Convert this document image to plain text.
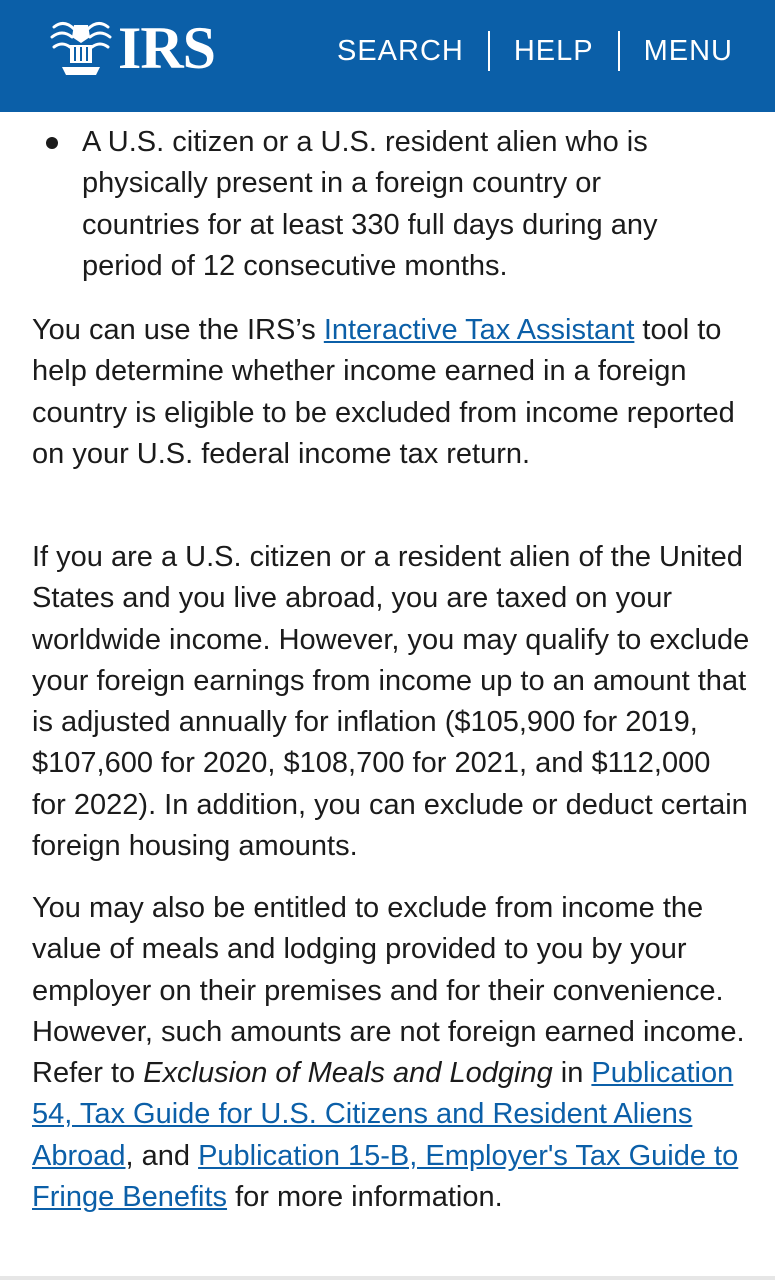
A U.S. citizen or a U.S. resident alien who is physically present in a foreign country or countries for at least 330 full days during any period of 12 consecutive months.

You can use the IRS’s Interactive Tax Assistant tool to help determine whether income earned in a foreign country is eligible to be excluded from income reported on your U.S. federal income tax return.

If you are a U.S. citizen or a resident alien of the United States and you live abroad, you are taxed on your worldwide income. However, you may qualify to exclude your foreign earnings from income up to an amount that is adjusted annually for inflation ($105,900 for 2019, $107,600 for 2020, $108,700 for 2021, and $112,000 for 2022). In addition, you can exclude or deduct certain foreign housing amounts.

You may also be entitled to exclude from income the value of meals and lodging provided to you by your employer on their premises and for their convenience. However, such amounts are not foreign earned income. Refer to Exclusion of Meals and Lodging in Publication 54, Tax Guide for U.S. Citizens and Resident Aliens Abroad, and Publication 15-B, Employer's Tax Guide to Fringe Benefits for more information.

IRS	SEARCH	HELP	MENU
